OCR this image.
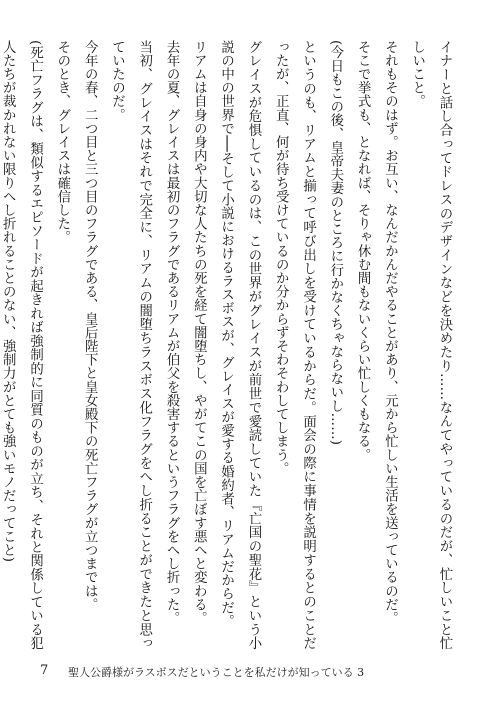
イナーと話し合ってドレスのデザインなどを決めたり……なんてやっているのだが、忙しいこと忙しいこと。

それもそのはず。お互い、なんだかんだやることがあり、元から忙しい生活を送っているのだ。

そこで挙式も、となれば、そりゃ休む間もないくらい忙しくもなる。

(今日もこの後、皇帝夫妻のところに行かなくちゃならないし……)

というのも、リアムと揃って呼び出しを受けているからだ。面会の際に事情を説明するとのことだったが、正直、何が待ち受けているのか分からずそわそわしてしまう。

グレイスが危惧しているのは、この世界がグレイスが前世で愛読していた『亡国の聖花』という小説の中の世界で──そして小説におけるラスボスが、グレイスが愛する婚約者、リアムだからだ。

リアムは自身の身内や大切な人たちの死を経て闇堕ちし、やがてこの国を亡ぼす悪へと変わる。

去年の夏、グレイスは最初のフラグであるリアムが伯父を殺害するというフラグをへし折った。

当初、グレイスはそれで完全に、リアムの闇堕ちラスボス化フラグをへし折ることができたと思っていたのだ。

今年の春、二つ目と三つ目のフラグである、皇后陛下と皇女殿下の死亡フラグが立つまでは。

そのとき、グレイスは確信した。

(死亡フラグは、類似するエピソードが起きれば強制的に同質のものが立ち、それと関係している犯人たちが裁かれない限りへし折れることのない、強制力がとても強いモノだってこと)

7 聖人公爵様がラスボスだということを私だけが知っている 3
